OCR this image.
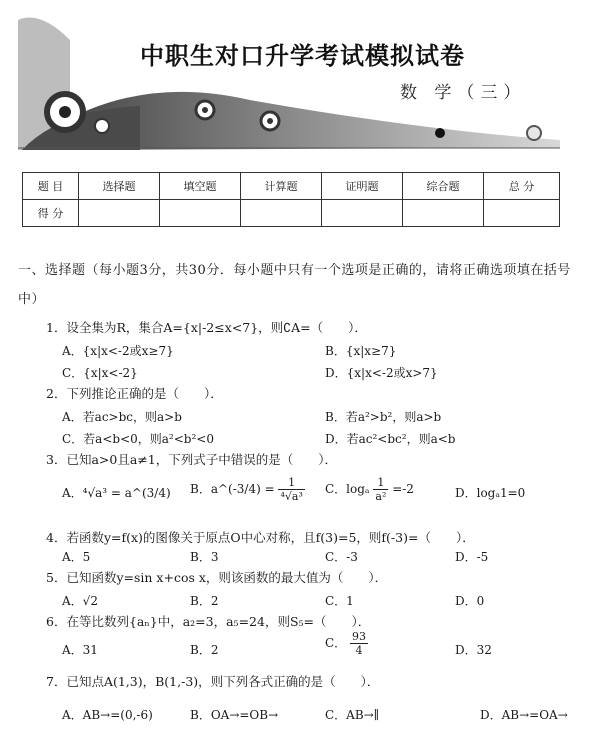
中职生对口升学考试模拟试卷
数 学（三）
题 目	选择题	填空题	计算题	证明题	综合题	总 分
得 分						
一、选择题（每小题3分，共30分．每小题中只有一个选项是正确的，请将正确选项填在括号中）
1．设全集为R，集合A={x|-2≤x<7}，则∁A=（　　）．
A．{x|x<-2或x≥7}	B．{x|x≥7}
C．{x|x<-2}	D．{x|x<-2或x>7}
2．下列推论正确的是（　　）．
A．若ac>bc，则a>b	B．若a²>b²，则a>b
C．若a<b<0，则a²<b²<0	D．若ac²<bc²，则a<b
3．已知a>0且a≠1，下列式子中错误的是（　　）．
A．⁴√a³ = a^(3/4) B．a^(-3/4) = $\frac{1}{\text{⁴√a³}}$ C．logₐ $\frac{1}{\text{a²}} =-2$	D．logₐ1=0
4．若函数y=f(x)的图像关于原点O中心对称，且f(3)=5，则f(-3)=（　　）．
A．5	B．3	C．-3	D．-5
5．已知函数y=sin x+cos x，则该函数的最大值为（　　）．
A．√2	B．2	C．1	D．0
6．在等比数列{aₙ}中，a₂=3，a₅=24，则S₅=（　　）．
A．31	B．2	C． $\frac{93}{4}$	D．32
7．已知点A(1,3)，B(1,-3)，则下列各式正确的是（　　）．
A．AB→=(0,-6)	B．OA→=OB→	C．AB→∥	D．AB→=OA→
